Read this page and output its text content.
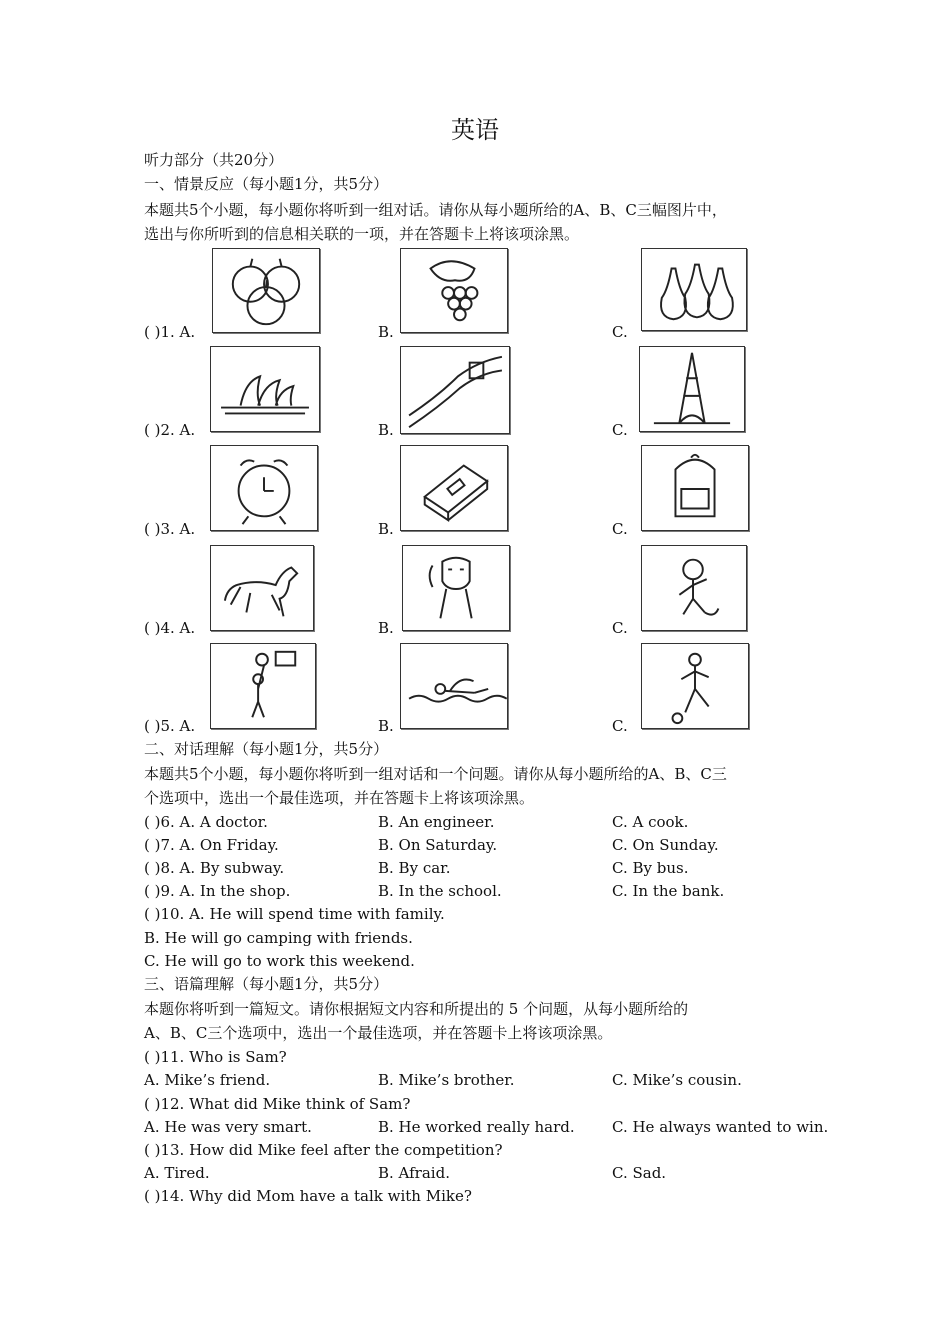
英语
听力部分（共20分）
一、情景反应（每小题1分，共5分）
本题共5个小题，每小题你将听到一组对话。请你从每小题所给的A、B、C三幅图片中，
选出与你所听到的信息相关联的一项，并在答题卡上将该项涂黑。
( )1. A.	B.	C.
( )2. A.	B.	C.
( )3. A.	B.	C.
( )4. A.	B.	C.
( )5. A.	B.	C.
二、对话理解（每小题1分，共5分）
本题共5个小题，每小题你将听到一组对话和一个问题。请你从每小题所给的A、B、C三
个选项中，选出一个最佳选项，并在答题卡上将该项涂黑。
( )6. A. A doctor.	B. An engineer.	C. A cook.
( )7. A. On Friday.	B. On Saturday.	C. On Sunday.
( )8. A. By subway.	B. By car.	C. By bus.
( )9. A. In the shop.	B. In the school.	C. In the bank.
( )10. A. He will spend time with family.
B. He will go camping with friends.
C. He will go to work this weekend.
三、语篇理解（每小题1分，共5分）
本题你将听到一篇短文。请你根据短文内容和所提出的 5 个问题，从每小题所给的
A、B、C三个选项中，选出一个最佳选项，并在答题卡上将该项涂黑。
( )11. Who is Sam?
A. Mike’s friend.	B. Mike’s brother.	C. Mike’s cousin.
( )12. What did Mike think of Sam?
A. He was very smart.	B. He worked really hard. C. He always wanted to win.
( )13. How did Mike feel after the competition?
A. Tired.	B. Afraid.	C. Sad.
( )14. Why did Mom have a talk with Mike?
